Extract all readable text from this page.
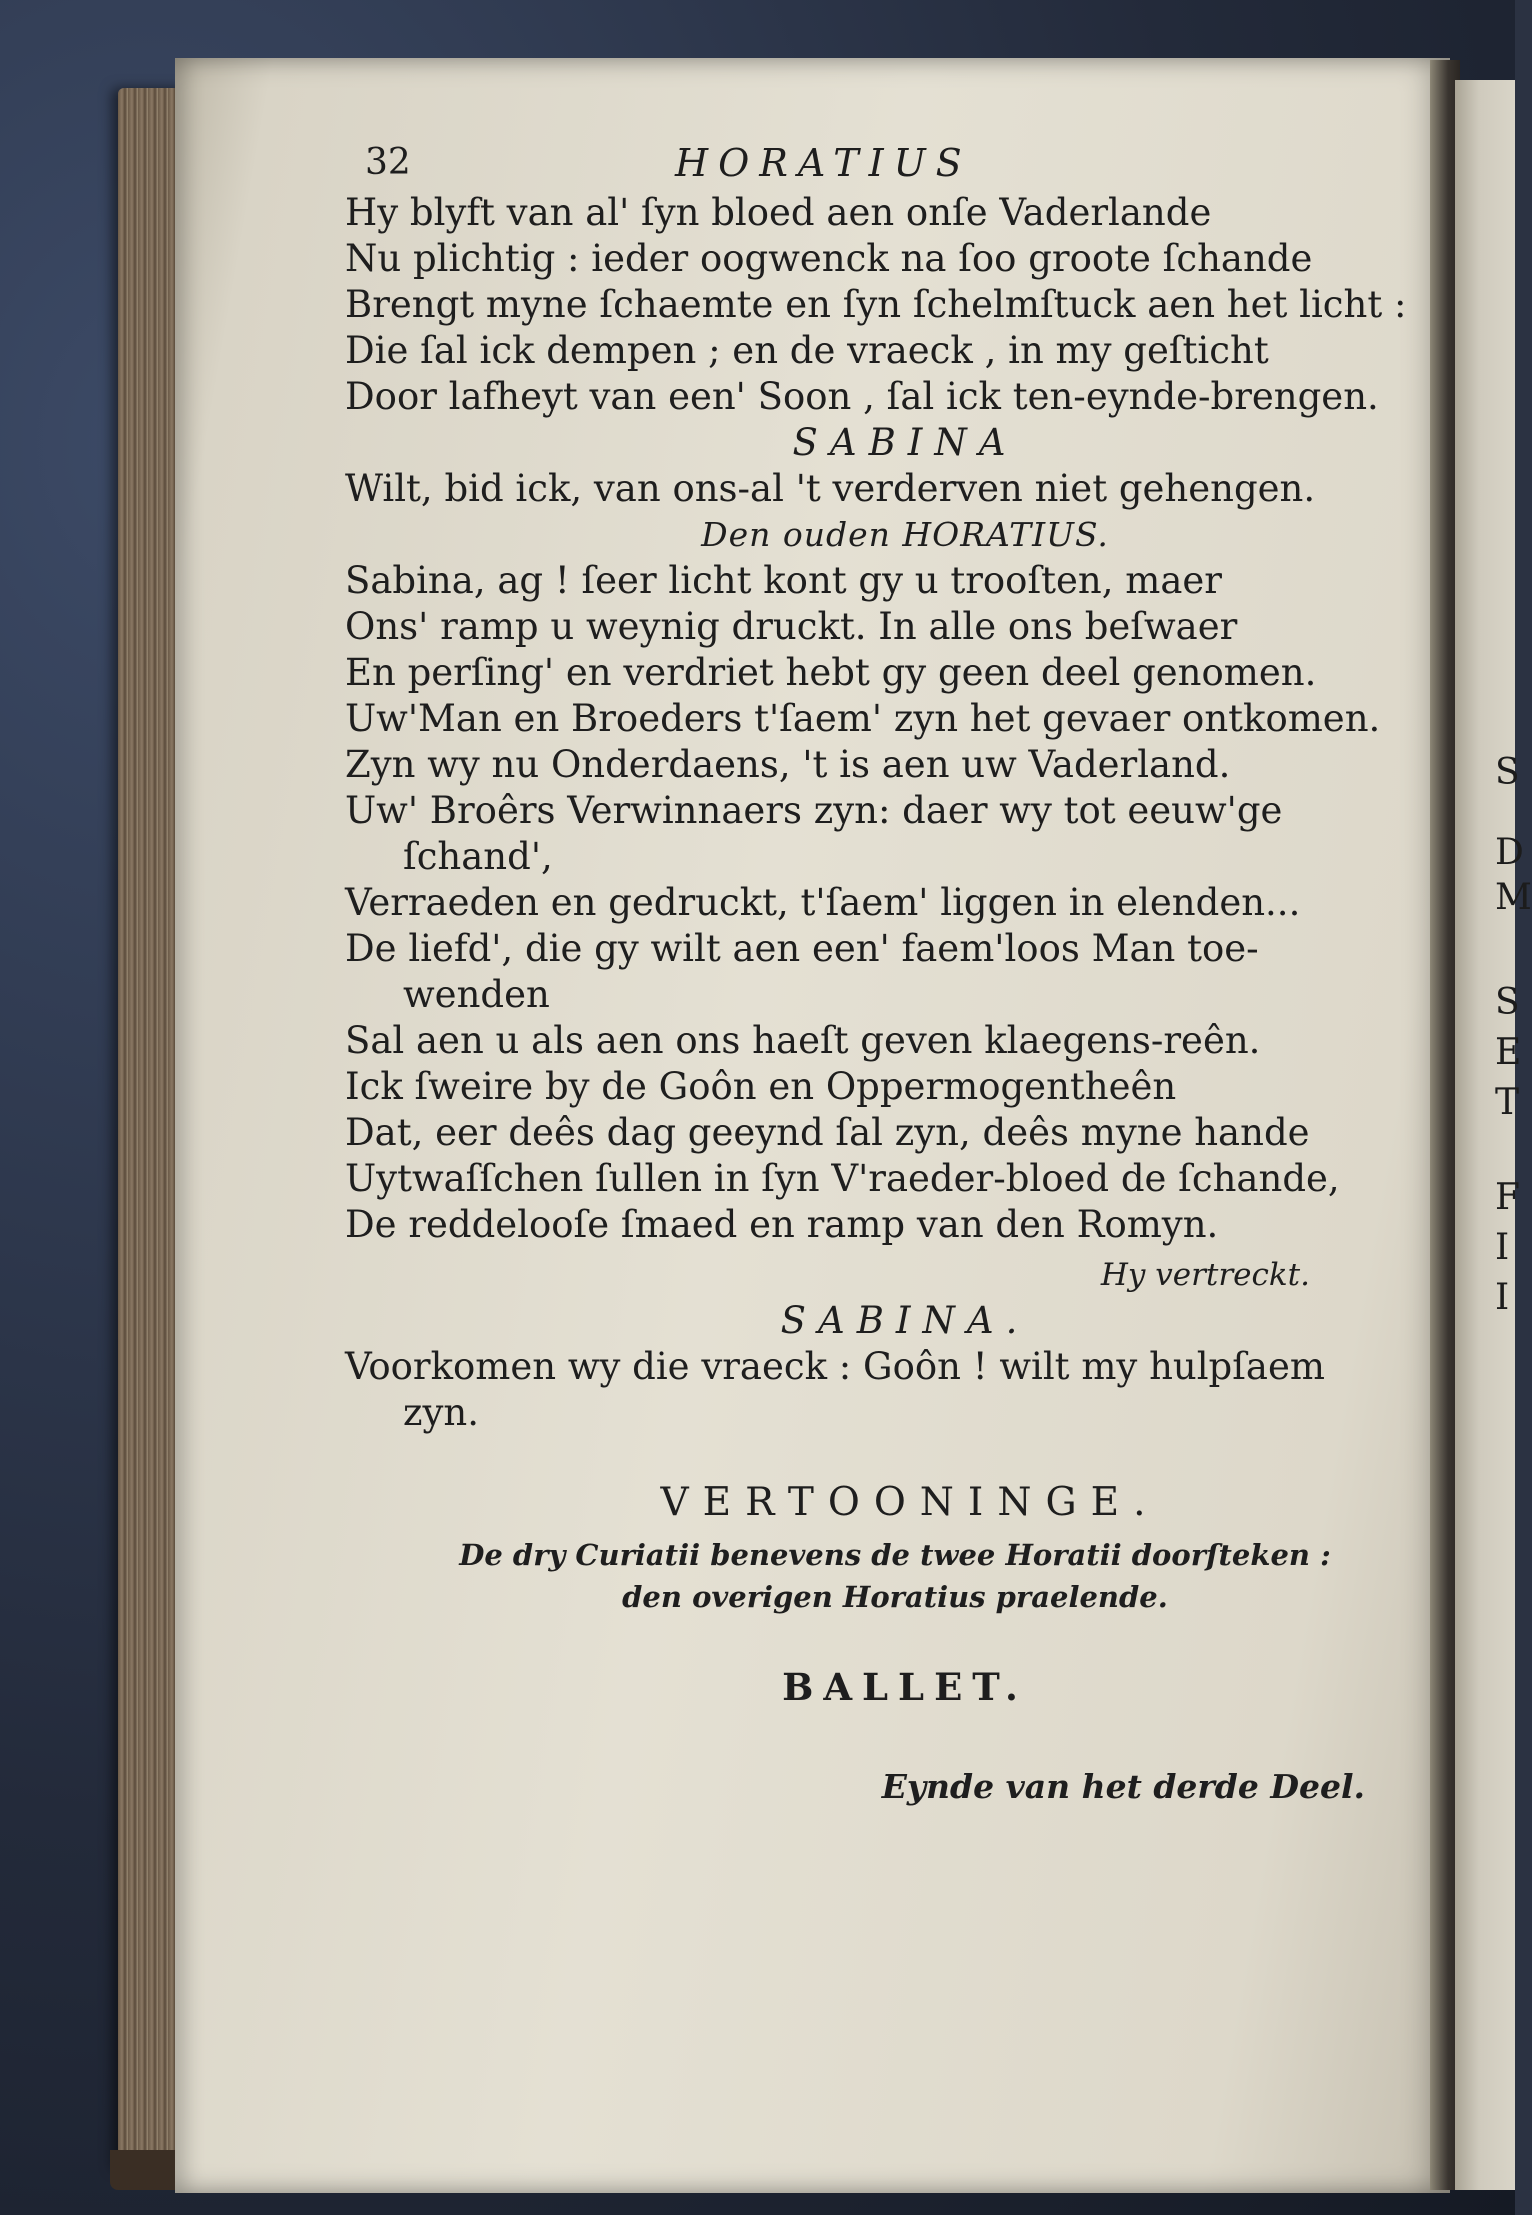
S
D
M
S
E
T
F
I
I
32	HORATIUS
Hy blyft van al' ſyn bloed aen onſe Vaderlande
Nu plichtig : ieder oogwenck na ſoo groote ſchande
Brengt myne ſchaemte en ſyn ſchelmſtuck aen het licht :
Die ſal ick dempen ; en de vraeck , in my geſticht
Door lafheyt van een' Soon , ſal ick ten-eynde-brengen.
SABINA
Wilt, bid ick, van ons-al 't verderven niet gehengen.
Den ouden HORATIUS.
Sabina, ag ! ſeer licht kont gy u trooſten, maer
Ons' ramp u weynig druckt. In alle ons beſwaer
En perſing' en verdriet hebt gy geen deel genomen.
Uw'Man en Broeders t'ſaem' zyn het gevaer ontkomen.
Zyn wy nu Onderdaens, 't is aen uw Vaderland.
Uw' Broêrs Verwinnaers zyn: daer wy tot eeuw'ge
ſchand',
Verraeden en gedruckt, t'ſaem' liggen in elenden...
De liefd', die gy wilt aen een' faem'loos Man toe-
wenden
Sal aen u als aen ons haeſt geven klaegens-reên.
Ick ſweire by de Goôn en Oppermogentheên
Dat, eer deês dag geeynd ſal zyn, deês myne hande
Uytwaſſchen ſullen in ſyn V'raeder-bloed de ſchande,
De reddelooſe ſmaed en ramp van den Romyn.
Hy vertreckt.
SABINA.
Voorkomen wy die vraeck : Goôn ! wilt my hulpſaem
zyn.
VERTOONINGE.
De dry Curiatii benevens de twee Horatii doorſteken :
den overigen Horatius praelende.
BALLET.
Eynde van het derde Deel.
